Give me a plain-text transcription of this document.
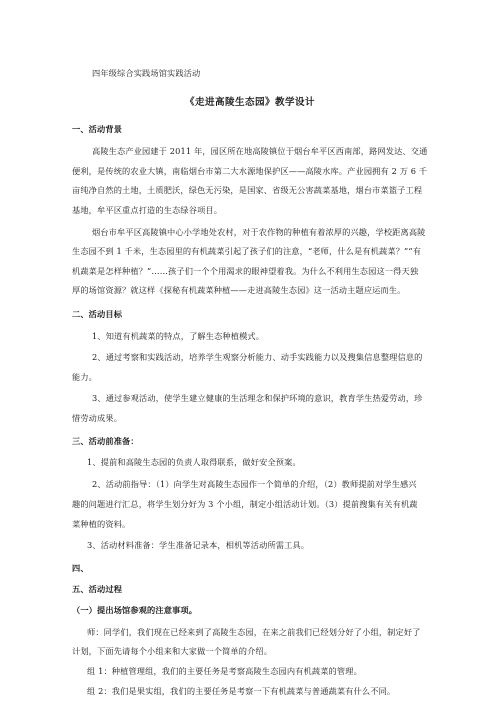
四年级综合实践场馆实践活动
《走进高陵生态园》教学设计
一、活动背景
高陵生态产业园建于 2011 年，园区所在地高陵镇位于烟台牟平区西南部，路网发达、交通
便利，是传统的农业大镇，南临烟台市第二大水源地保护区——高陵水库。产业园拥有 2 万 6 千
亩纯净自然的土地，土质肥沃，绿色无污染，是国家、省级无公害蔬菜基地，烟台市菜篮子工程
基地，牟平区重点打造的生态绿谷项目。
烟台市牟平区高陵镇中心小学地处农村，对于农作物的种植有着浓厚的兴趣，学校距离高陵
生态园不到 1 千米，生态园里的有机蔬菜引起了孩子们的注意，“老师，什么是有机蔬菜？”“有
机蔬菜是怎样种植？”……孩子们一个个用渴求的眼神望着我。为什么不利用生态园这一得天独
厚的场馆资源？就这样《探秘有机蔬菜种植——走进高陵生态园》这一活动主题应运而生。
二、活动目标
1、知道有机蔬菜的特点，了解生态种植模式。
2、通过考察和实践活动，培养学生观察分析能力、动手实践能力以及搜集信息整理信息的
能力。
3、通过参观活动，使学生建立健康的生活理念和保护环境的意识，教育学生热爱劳动，珍
惜劳动成果。
三、活动前准备：
1、提前和高陵生态园的负责人取得联系，做好安全预案。
2、活动前指导：（1）向学生对高陵生态园作一个简单的介绍，（2）教师提前对学生感兴
趣的问题进行汇总，将学生划分好为 3 个小组，制定小组活动计划。（3）提前搜集有关有机蔬
菜种植的资料。
3、活动材料准备：学生准备记录本，相机等活动所需工具。
四、
五、活动过程
（一）提出场馆参观的注意事项。
师：同学们，我们现在已经来到了高陵生态园，在来之前我们已经划分好了小组，制定好了
计划，下面先请每个小组来和大家做一个简单的介绍。
组 1：种植管理组，我们的主要任务是考察高陵生态园内有机蔬菜的管理。
组 2：我们是果实组，我们的主要任务是考察一下有机蔬菜与普通蔬菜有什么不同。
